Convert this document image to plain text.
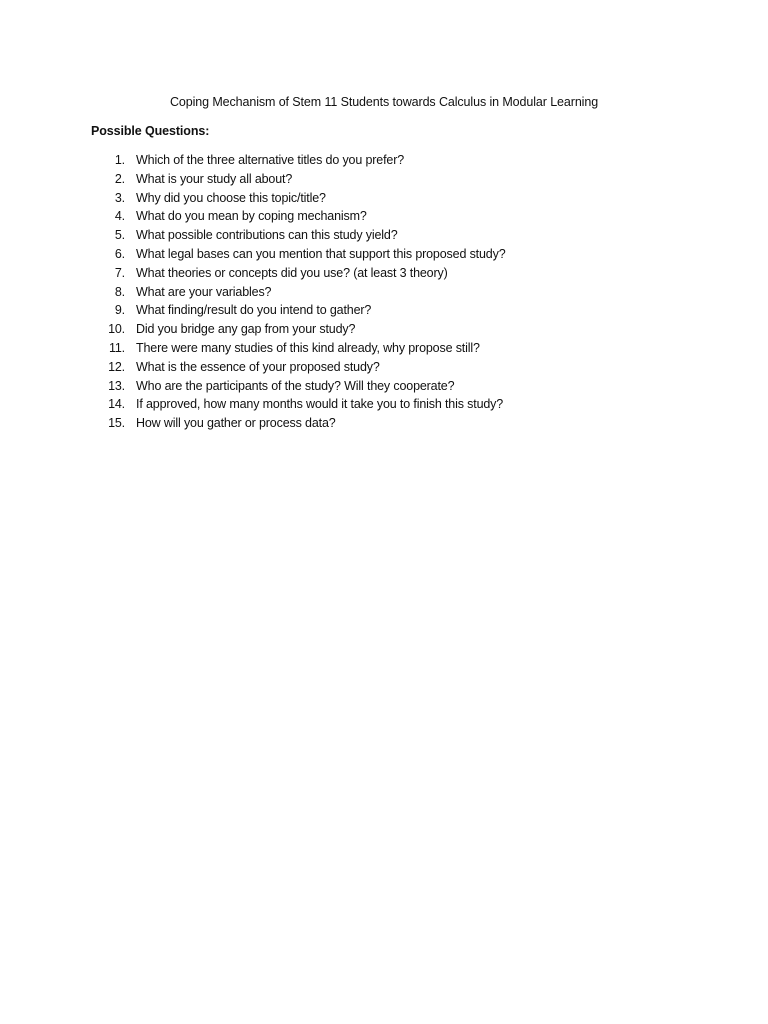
Coping Mechanism of Stem 11 Students towards Calculus in Modular Learning
Possible Questions:
1. Which of the three alternative titles do you prefer?
2. What is your study all about?
3. Why did you choose this topic/title?
4. What do you mean by coping mechanism?
5. What possible contributions can this study yield?
6. What legal bases can you mention that support this proposed study?
7. What theories or concepts did you use? (at least 3 theory)
8. What are your variables?
9. What finding/result do you intend to gather?
10. Did you bridge any gap from your study?
11. There were many studies of this kind already, why propose still?
12. What is the essence of your proposed study?
13. Who are the participants of the study? Will they cooperate?
14. If approved, how many months would it take you to finish this study?
15. How will you gather or process data?
